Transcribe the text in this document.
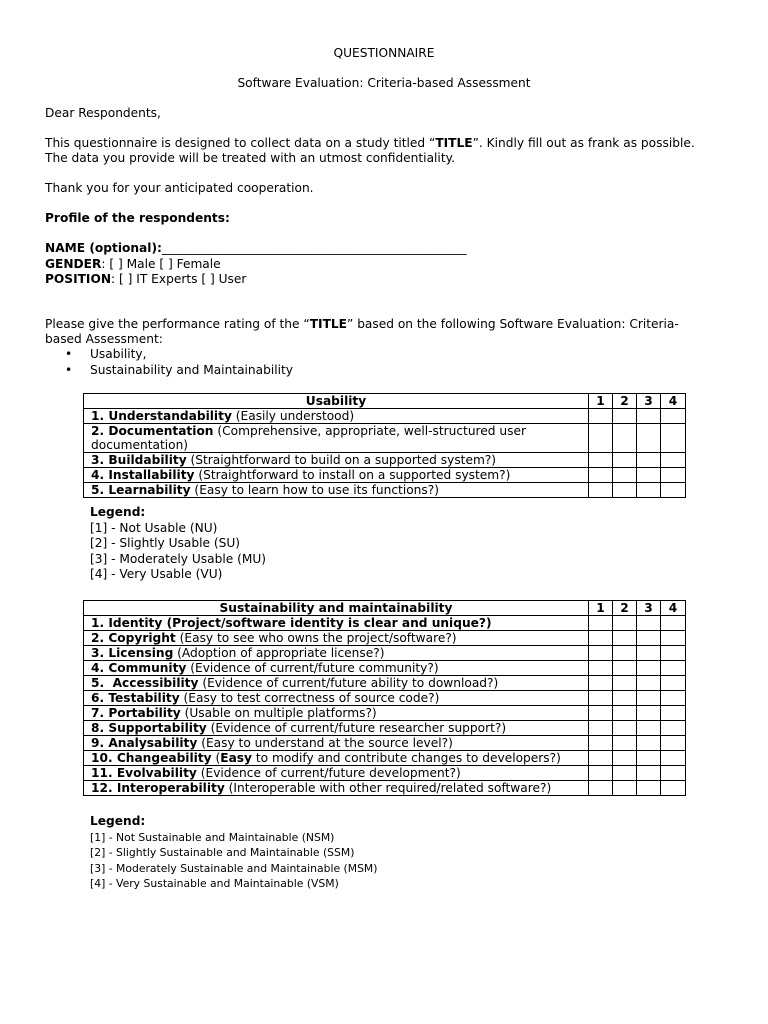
QUESTIONNAIRE
Software Evaluation: Criteria-based Assessment
Dear Respondents,
This questionnaire is designed to collect data on a study titled “TITLE”. Kindly fill out as frank as possible.
The data you provide will be treated with an utmost confidentiality.
Thank you for your anticipated cooperation.
Profile of the respondents:
NAME (optional):__________________________________________________
GENDER: [ ] Male [ ] Female
POSITION: [ ] IT Experts [ ] User
Please give the performance rating of the “TITLE” based on the following Software Evaluation: Criteria-
based Assessment:
• Usability,
• Sustainability and Maintainability
Usability	1	2	3	4
1. Understandability (Easily understood)				
2. Documentation (Comprehensive, appropriate, well-structured user documentation)				
3. Buildability (Straightforward to build on a supported system?)				
4. Installability (Straightforward to install on a supported system?)				
5. Learnability (Easy to learn how to use its functions?)				
Legend:
[1] - Not Usable (NU)
[2] - Slightly Usable (SU)
[3] - Moderately Usable (MU)
[4] - Very Usable (VU)
Sustainability and maintainability	1	2	3	4
1. Identity (Project/software identity is clear and unique?)				
2. Copyright (Easy to see who owns the project/software?)				
3. Licensing (Adoption of appropriate license?)				
4. Community (Evidence of current/future community?)				
5.  Accessibility (Evidence of current/future ability to download?)				
6. Testability (Easy to test correctness of source code?)				
7. Portability (Usable on multiple platforms?)				
8. Supportability (Evidence of current/future researcher support?)				
9. Analysability (Easy to understand at the source level?)				
10. Changeability (Easy to modify and contribute changes to developers?)				
11. Evolvability (Evidence of current/future development?)				
12. Interoperability (Interoperable with other required/related software?)				
Legend:
[1] - Not Sustainable and Maintainable (NSM)
[2] - Slightly Sustainable and Maintainable (SSM)
[3] - Moderately Sustainable and Maintainable (MSM)
[4] - Very Sustainable and Maintainable (VSM)
